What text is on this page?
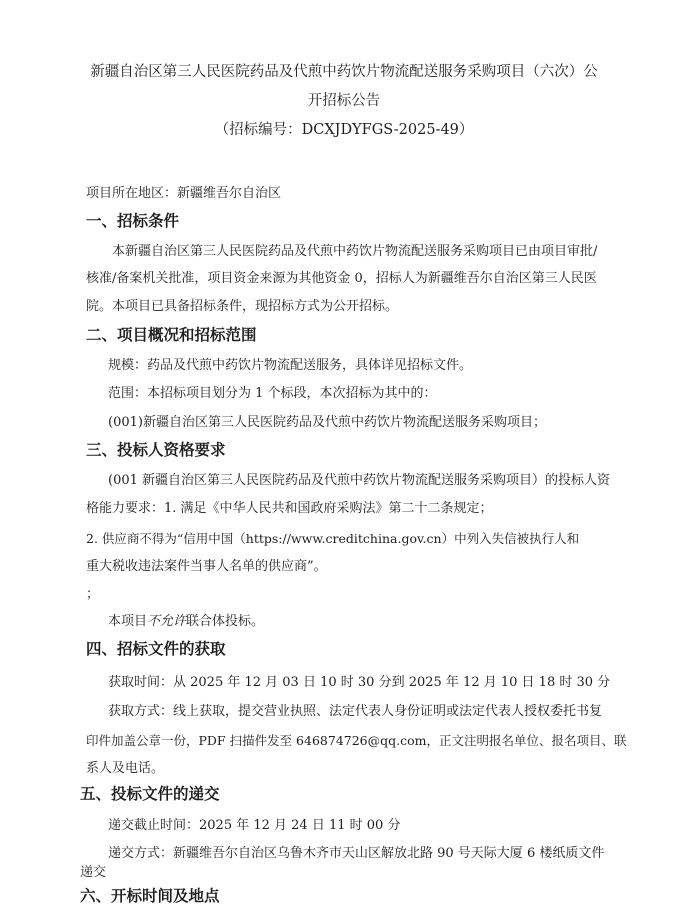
新疆自治区第三人民医院药品及代煎中药饮片物流配送服务采购项目（六次）公
开招标公告
（招标编号：DCXJDYFGS-2025-49）
项目所在地区：新疆维吾尔自治区
一、招标条件
本新疆自治区第三人民医院药品及代煎中药饮片物流配送服务采购项目已由项目审批/
核准/备案机关批准，项目资金来源为其他资金 0，招标人为新疆维吾尔自治区第三人民医
院。本项目已具备招标条件，现招标方式为公开招标。
二、项目概况和招标范围
规模：药品及代煎中药饮片物流配送服务，具体详见招标文件。
范围：本招标项目划分为 1 个标段，本次招标为其中的：
(001)新疆自治区第三人民医院药品及代煎中药饮片物流配送服务采购项目；
三、投标人资格要求
(001 新疆自治区第三人民医院药品及代煎中药饮片物流配送服务采购项目）的投标人资
格能力要求：1. 满足《中华人民共和国政府采购法》第二十二条规定；
2. 供应商不得为“信用中国（https://www.creditchina.gov.cn）中列入失信被执行人和
重大税收违法案件当事人名单的供应商”。
；
本项目不允许联合体投标。
四、招标文件的获取
获取时间：从 2025 年 12 月 03 日 10 时 30 分到 2025 年 12 月 10 日 18 时 30 分
获取方式：线上获取，提交营业执照、法定代表人身份证明或法定代表人授权委托书复
印件加盖公章一份，PDF 扫描件发至 646874726@qq.com，正文注明报名单位、报名项目、联
系人及电话。
五、投标文件的递交
递交截止时间：2025 年 12 月 24 日 11 时 00 分
递交方式：新疆维吾尔自治区乌鲁木齐市天山区解放北路 90 号天际大厦 6 楼纸质文件
递交
六、开标时间及地点
